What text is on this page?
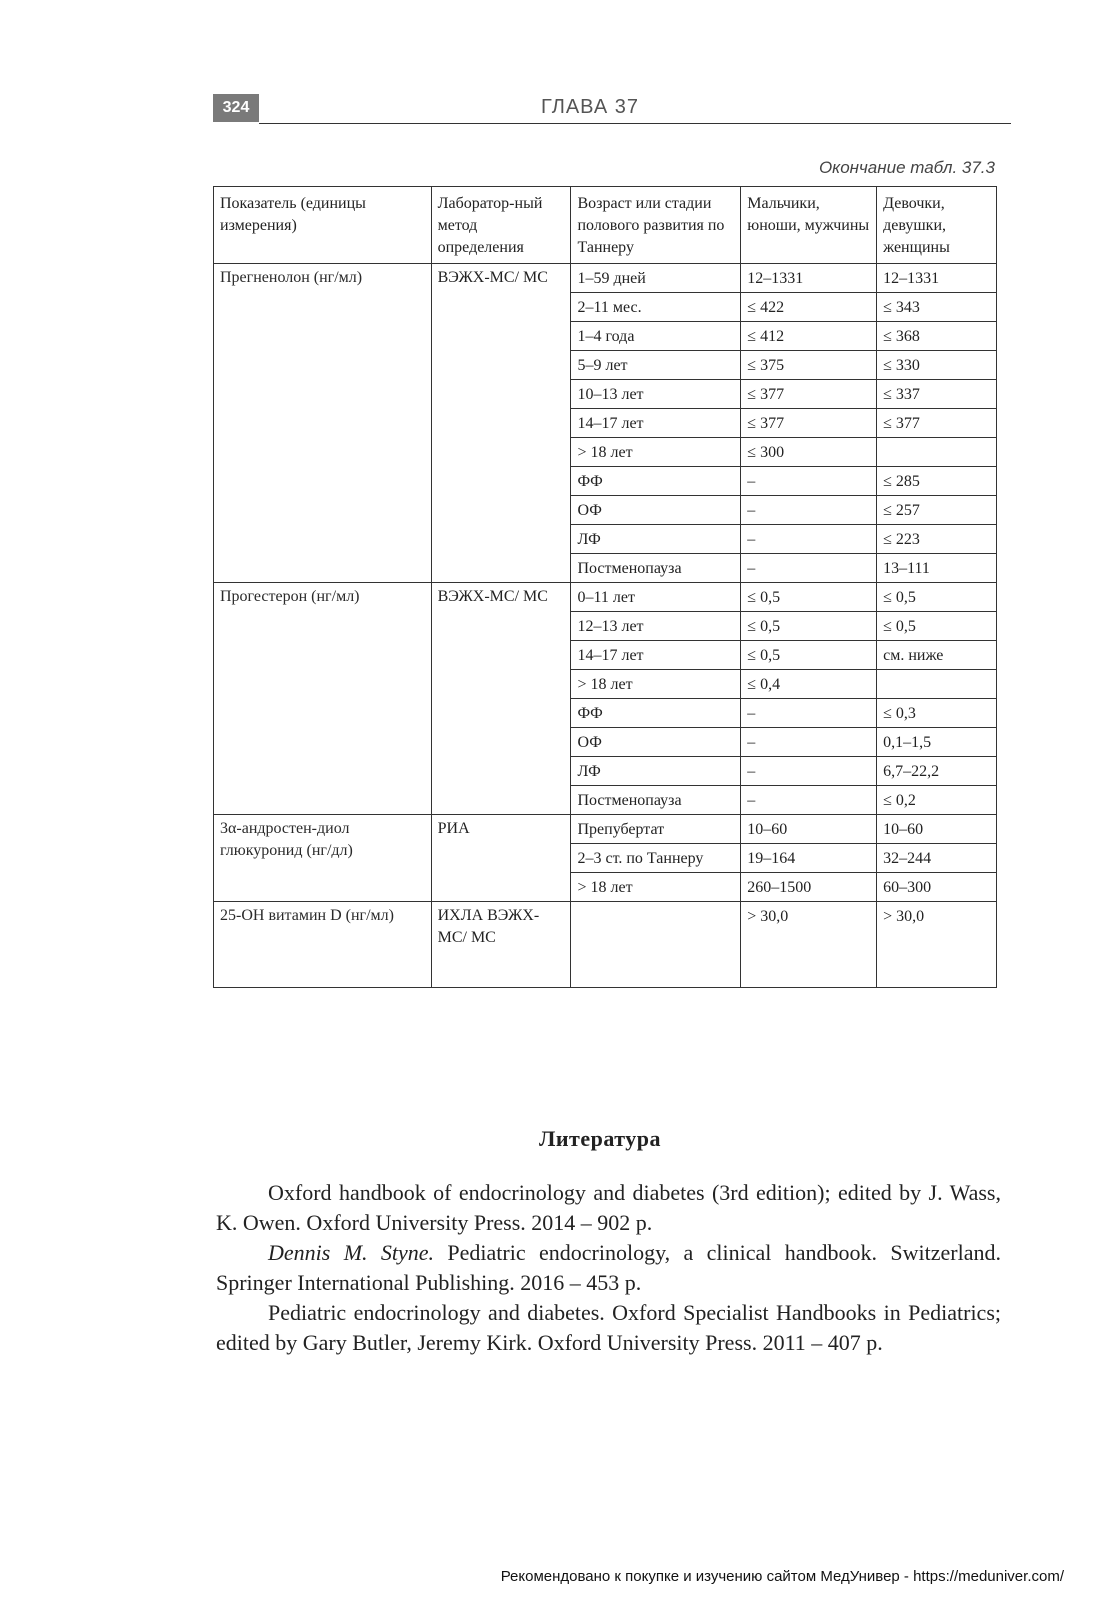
324	ГЛАВА 37
Окончание табл. 37.3
Показатель (единицы измерения)	Лаборатор-ный метод определения	Возраст или стадии полового развития по Таннеру	Мальчики, юноши, мужчины	Девочки, девушки, женщины
Прегненолон (нг/мл)	ВЭЖХ-МС/ МС	1–59 дней	12–1331	12–1331
		2–11 мес.	≤ 422	≤ 343
		1–4 года	≤ 412	≤ 368
		5–9 лет	≤ 375	≤ 330
		10–13 лет	≤ 377	≤ 337
		14–17 лет	≤ 377	≤ 377
		> 18 лет	≤ 300	
		ФФ	–	≤ 285
		ОФ	–	≤ 257
		ЛФ	–	≤ 223
		Постменопауза	–	13–111
Прогестерон (нг/мл)	ВЭЖХ-МС/ МС	0–11 лет	≤ 0,5	≤ 0,5
		12–13 лет	≤ 0,5	≤ 0,5
		14–17 лет	≤ 0,5	см. ниже
		> 18 лет	≤ 0,4	
		ФФ	–	≤ 0,3
		ОФ	–	0,1–1,5
		ЛФ	–	6,7–22,2
		Постменопауза	–	≤ 0,2
3α-андростен-диол глюкуронид (нг/дл)	РИА	Препубертат	10–60	10–60
		2–3 ст. по Таннеру	19–164	32–244
		> 18 лет	260–1500	60–300
25-ОН витамин D (нг/мл)	ИХЛА ВЭЖХ-МС/ МС		> 30,0	> 30,0
Литература

Oxford handbook of endocrinology and diabetes (3rd edition); edited by J. Wass, K. Owen. Oxford University Press. 2014 – 902 p.

Dennis M. Styne. Pediatric endocrinology, a clinical handbook. Switzerland. Springer International Publishing. 2016 – 453 p.

Pediatric endocrinology and diabetes. Oxford Specialist Handbooks in Pediatrics; edited by Gary Butler, Jeremy Kirk. Oxford University Press. 2011 – 407 p.

Рекомендовано к покупке и изучению сайтом МедУнивер - https://meduniver.com/
